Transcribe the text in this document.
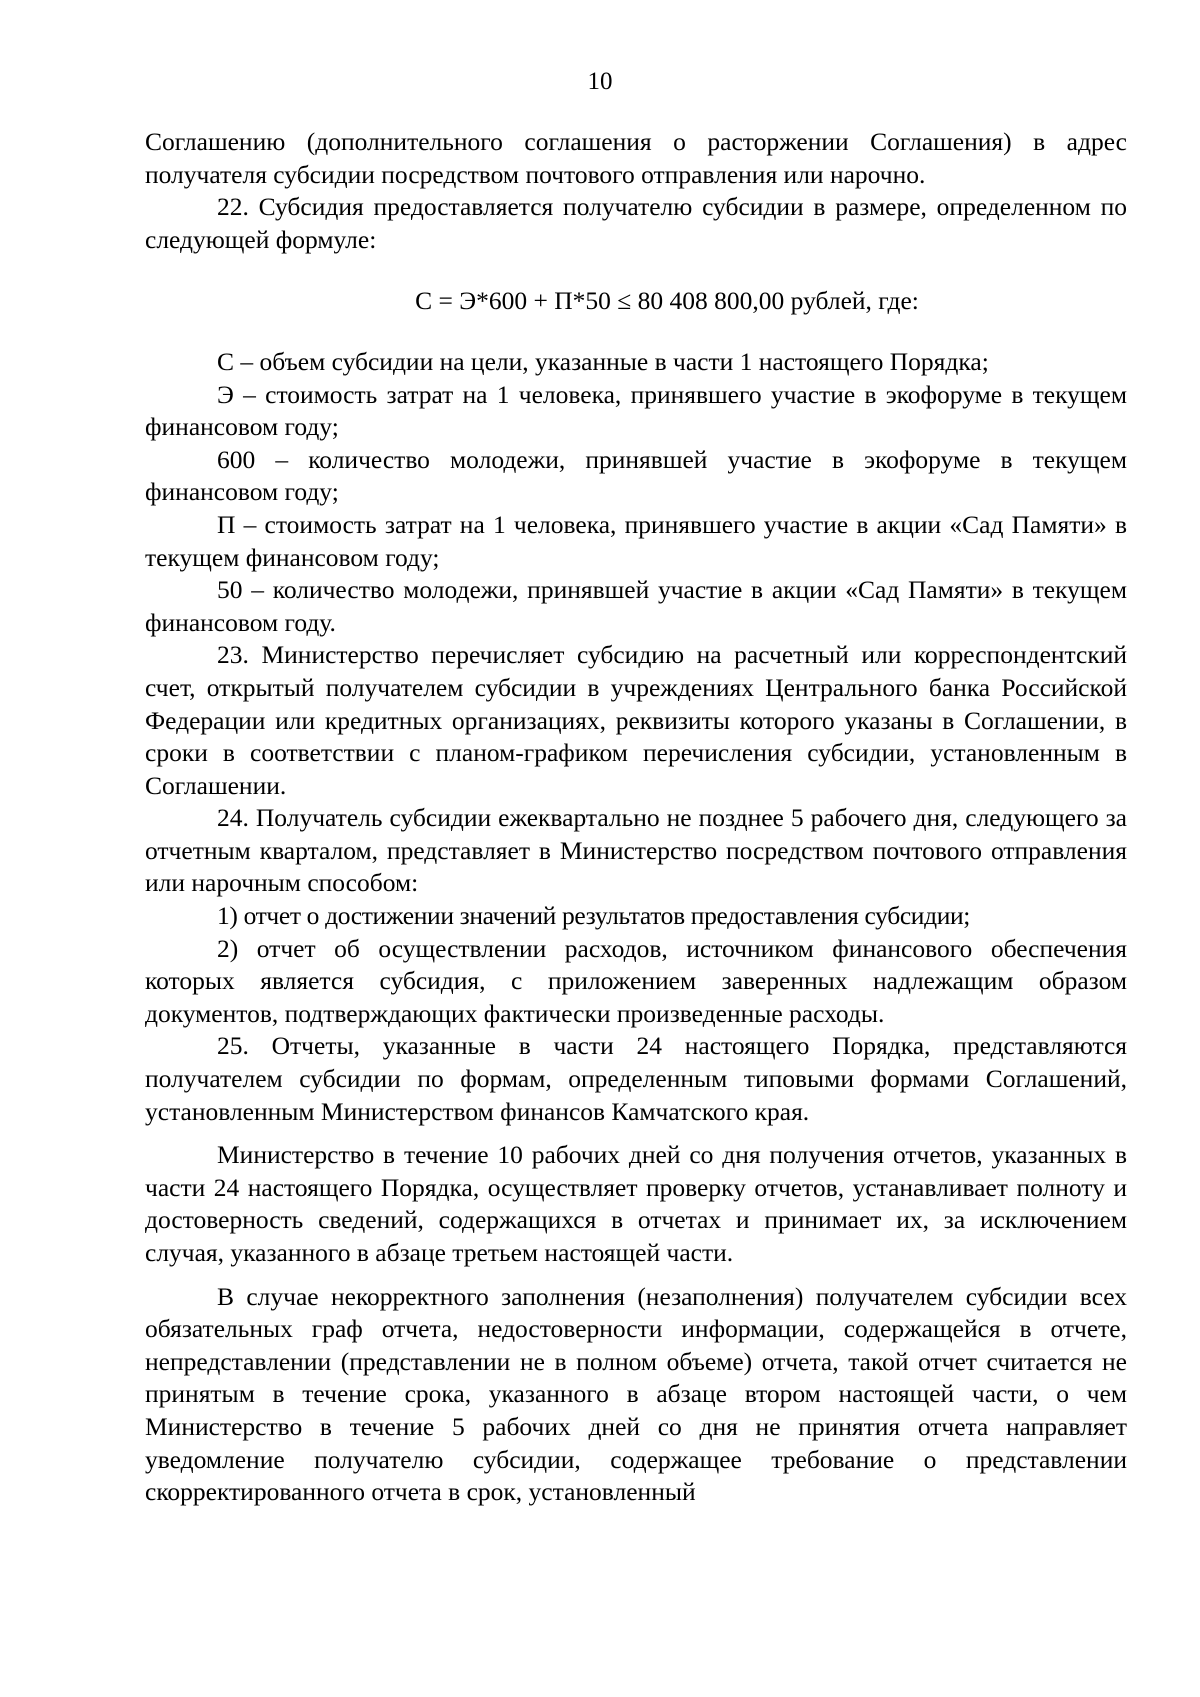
10

Соглашению (дополнительного соглашения о расторжении Соглашения) в адрес получателя субсидии посредством почтового отправления или нарочно.

22. Субсидия предоставляется получателю субсидии в размере, определенном по следующей формуле:

С = Э*600 + П*50 ≤ 80 408 800,00 рублей, где:

С – объем субсидии на цели, указанные в части 1 настоящего Порядка;

Э – стоимость затрат на 1 человека, принявшего участие в экофоруме в текущем финансовом году;

600 – количество молодежи, принявшей участие в экофоруме в текущем финансовом году;

П – стоимость затрат на 1 человека, принявшего участие в акции «Сад Памяти» в текущем финансовом году;

50 – количество молодежи, принявшей участие в акции «Сад Памяти» в текущем финансовом году.

23. Министерство перечисляет субсидию на расчетный или корреспондентский счет, открытый получателем субсидии в учреждениях Центрального банка Российской Федерации или кредитных организациях, реквизиты которого указаны в Соглашении, в сроки в соответствии с планом-графиком перечисления субсидии, установленным в Соглашении.

24. Получатель субсидии ежеквартально не позднее 5 рабочего дня, следующего за отчетным кварталом, представляет в Министерство посредством почтового отправления или нарочным способом:

1) отчет о достижении значений результатов предоставления субсидии;

2) отчет об осуществлении расходов, источником финансового обеспечения которых является субсидия, с приложением заверенных надлежащим образом документов, подтверждающих фактически произведенные расходы.

25. Отчеты, указанные в части 24 настоящего Порядка, представляются получателем субсидии по формам, определенным типовыми формами Соглашений, установленным Министерством финансов Камчатского края.

Министерство в течение 10 рабочих дней со дня получения отчетов, указанных в части 24 настоящего Порядка, осуществляет проверку отчетов, устанавливает полноту и достоверность сведений, содержащихся в отчетах и принимает их, за исключением случая, указанного в абзаце третьем настоящей части.

В случае некорректного заполнения (незаполнения) получателем субсидии всех обязательных граф отчета, недостоверности информации, содержащейся в отчете, непредставлении (представлении не в полном объеме) отчета, такой отчет считается не принятым в течение срока, указанного в абзаце втором настоящей части, о чем Министерство в течение 5 рабочих дней со дня не принятия отчета направляет уведомление получателю субсидии, содержащее требование о представлении скорректированного отчета в срок, установленный
